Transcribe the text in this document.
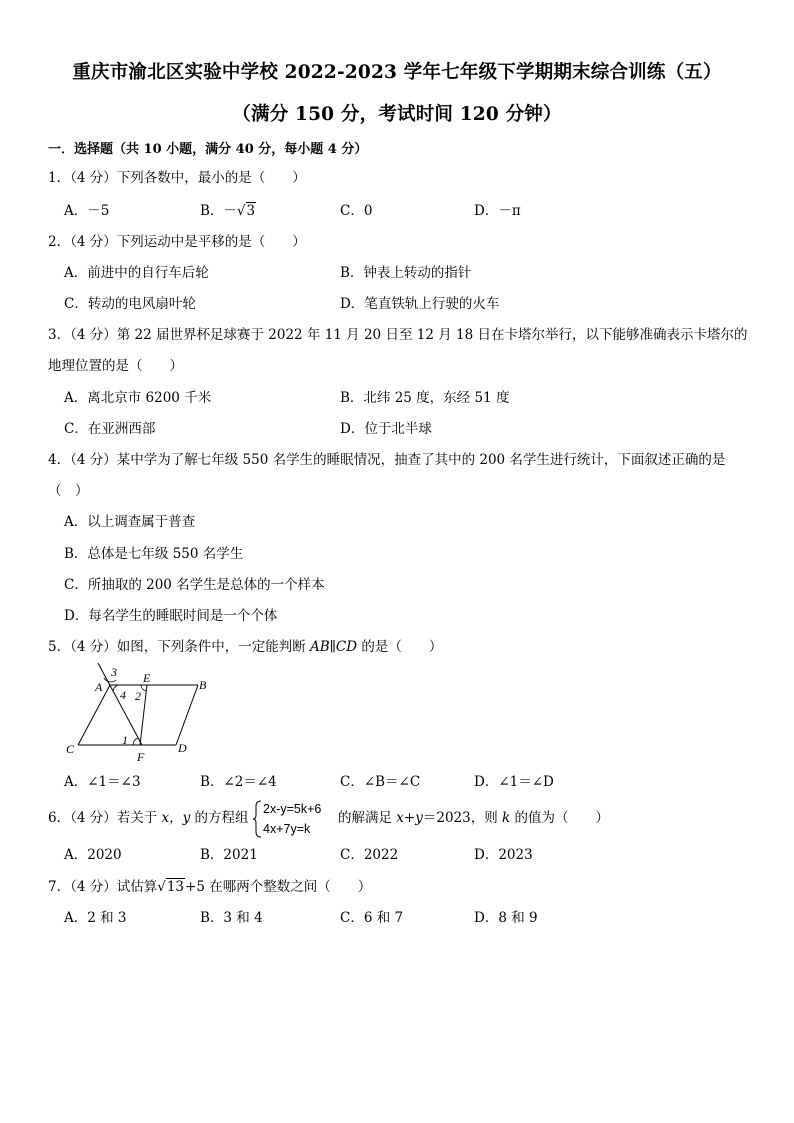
重庆市渝北区实验中学校 2022-2023 学年七年级下学期期末综合训练（五）
（满分 150 分，考试时间 120 分钟）
一．选择题（共 10 小题，满分 40 分，每小题 4 分）
1．（4 分）下列各数中，最小的是（　　）
A．－5	B．－√3	C．0	D．－π
2．（4 分）下列运动中是平移的是（　　）
A．前进中的自行车后轮	B．钟表上转动的指针
C．转动的电风扇叶轮	D．笔直铁轨上行驶的火车
3．（4 分）第 22 届世界杯足球赛于 2022 年 11 月 20 日至 12 月 18 日在卡塔尔举行，以下能够准确表示卡塔尔的地理位置的是（　　）
A．离北京市 6200 千米	B．北纬 25 度，东经 51 度
C．在亚洲西部	D．位于北半球
4．（4 分）某中学为了解七年级 550 名学生的睡眠情况，抽查了其中的 200 名学生进行统计，下面叙述正确的是（　）
A．以上调查属于普查
B．总体是七年级 550 名学生
C．所抽取的 200 名学生是总体的一个样本
D．每名学生的睡眠时间是一个个体
5．（4 分）如图，下列条件中，一定能判断 AB∥CD 的是（　　）
3 E	B
A
4 2
C
1
F
D
A．∠1＝∠3	B．∠2＝∠4	C．∠B＝∠C	D．∠1＝∠D
6．（4 分）若关于 x，y 的方程组
2x-y=5k+6
4x+7y=k
的解满足 x+y＝2023，则 k 的值为（　　）
A．2020	B．2021	C．2022	D．2023
7．（4 分）试估算√13+5 在哪两个整数之间（　　）
A．2 和 3	B．3 和 4	C．6 和 7	D．8 和 9
